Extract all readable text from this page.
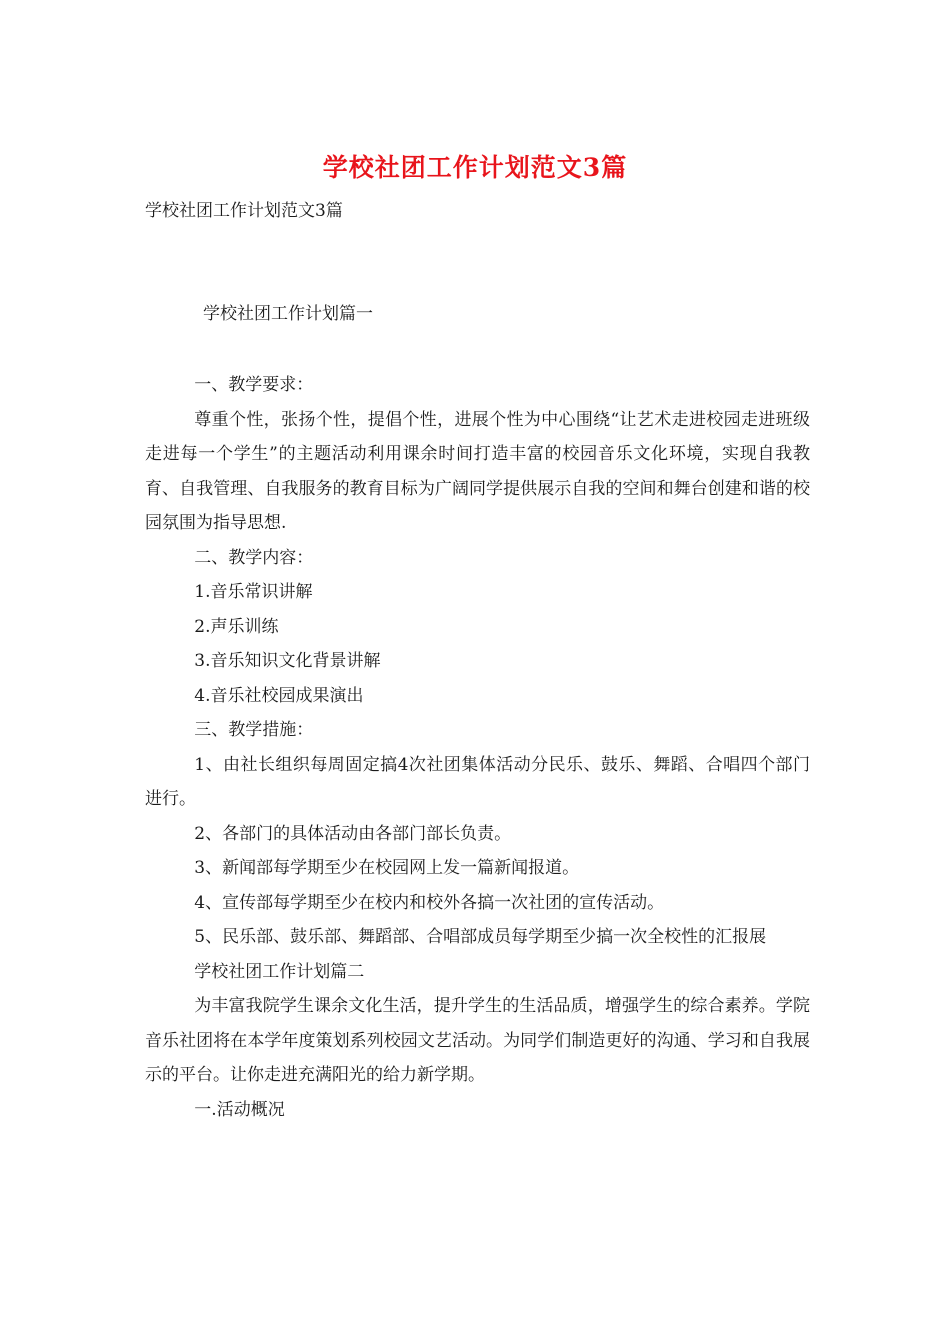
学校社团工作计划范文3篇
学校社团工作计划范文3篇
学校社团工作计划篇一

一、教学要求：

尊重个性，张扬个性，提倡个性，进展个性为中心围绕“让艺术走进校园走进班级走进每一个学生”的主题活动利用课余时间打造丰富的校园音乐文化环境，实现自我教育、自我管理、自我服务的教育目标为广阔同学提供展示自我的空间和舞台创建和谐的校园氛围为指导思想.

二、教学内容：

1.音乐常识讲解

2.声乐训练

3.音乐知识文化背景讲解

4.音乐社校园成果演出

三、教学措施：

1、由社长组织每周固定搞4次社团集体活动分民乐、鼓乐、舞蹈、合唱四个部门进行。

2、各部门的具体活动由各部门部长负责。

3、新闻部每学期至少在校园网上发一篇新闻报道。

4、宣传部每学期至少在校内和校外各搞一次社团的宣传活动。

5、民乐部、鼓乐部、舞蹈部、合唱部成员每学期至少搞一次全校性的汇报展

学校社团工作计划篇二

为丰富我院学生课余文化生活，提升学生的生活品质，增强学生的综合素养。学院音乐社团将在本学年度策划系列校园文艺活动。为同学们制造更好的沟通、学习和自我展示的平台。让你走进充满阳光的给力新学期。

一.活动概况
